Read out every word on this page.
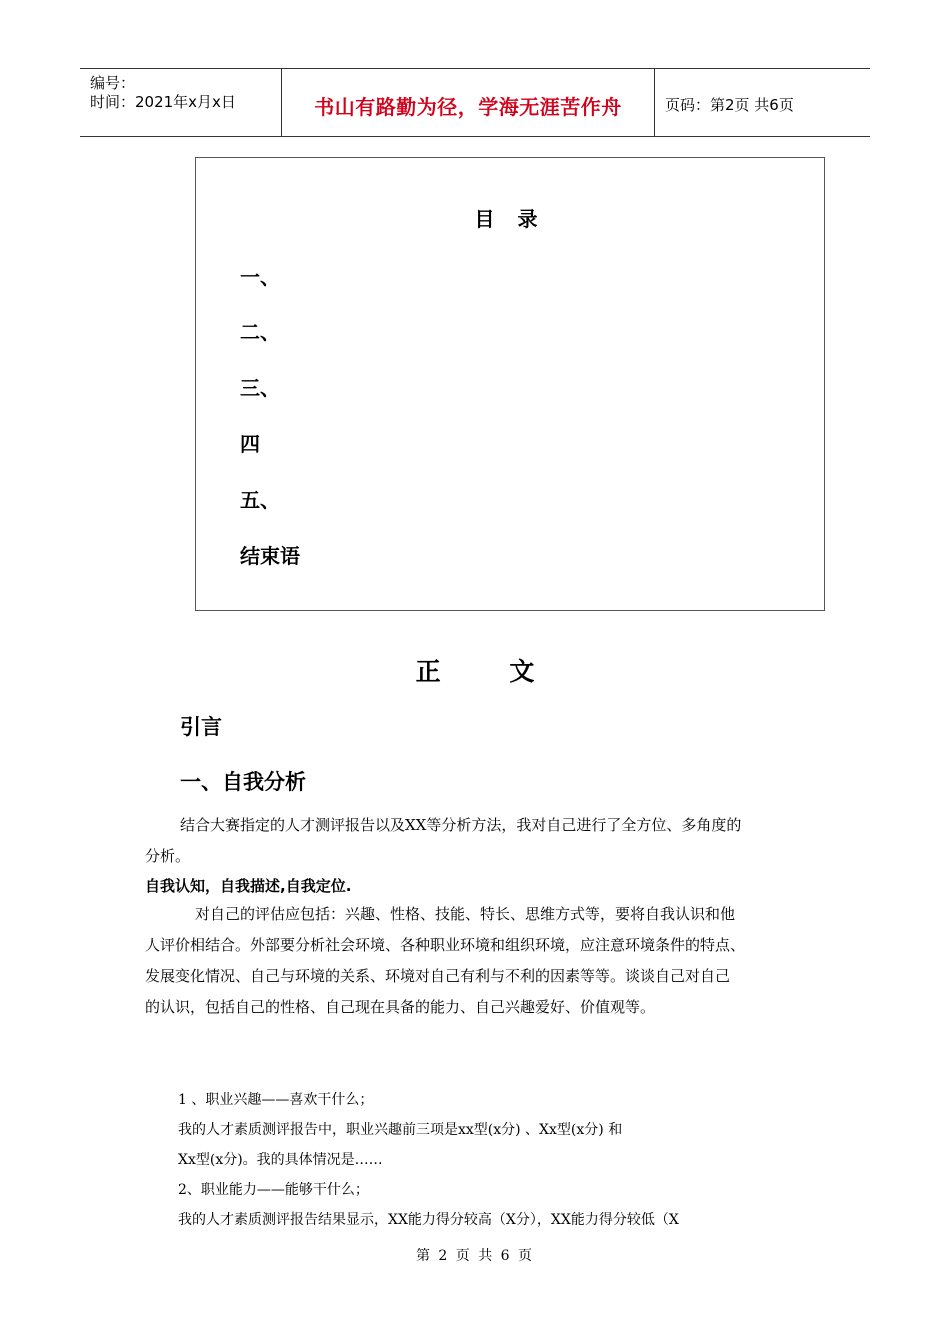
编号：
时间：2021年x月x日	书山有路勤为径，学海无涯苦作舟	页码：第2页 共6页
目 录
一、
二、
三、
四
五、
结束语
正 文
引言
一、自我分析
结合大赛指定的人才测评报告以及XX等分析方法，我对自己进行了全方位、多角度的
分析。
自我认知，自我描述,自我定位.
对自己的评估应包括：兴趣、性格、技能、特长、思维方式等，要将自我认识和他
人评价相结合。外部要分析社会环境、各种职业环境和组织环境，应注意环境条件的特点、
发展变化情况、自己与环境的关系、环境对自己有利与不利的因素等等。谈谈自己对自己
的认识，包括自己的性格、自己现在具备的能力、自己兴趣爱好、价值观等。
1 、职业兴趣——喜欢干什么；
我的人才素质测评报告中，职业兴趣前三项是xx型(x分) 、Xx型(x分) 和
Xx型(x分)。我的具体情况是……
2、职业能力——能够干什么；
我的人才素质测评报告结果显示，XX能力得分较高（X分），XX能力得分较低（X
第 2 页 共 6 页
